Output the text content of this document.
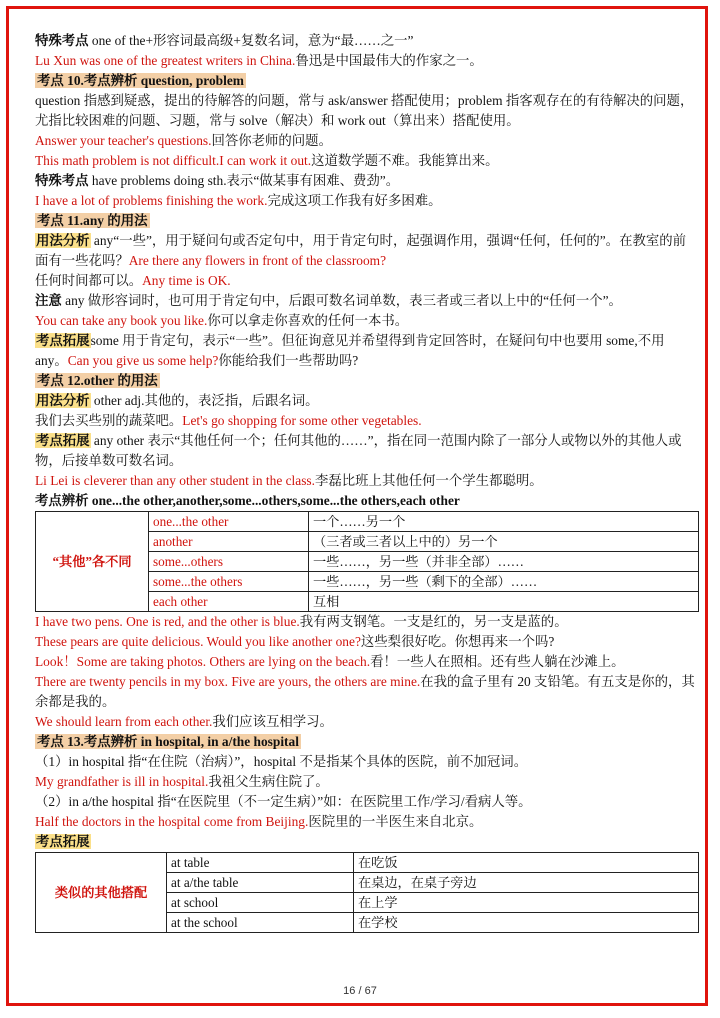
特殊考点 one of the+形容词最高级+复数名词，意为“最……之一”

Lu Xun was one of the greatest writers in China.鲁迅是中国最伟大的作家之一。

考点 10.考点辨析 question, problem

question 指感到疑惑，提出的待解答的问题，常与 ask/answer 搭配使用；problem 指客观存在的有待解决的问题，尤指比较困难的问题、习题，常与 solve（解决）和 work out（算出来）搭配使用。

Answer your teacher's questions.回答你老师的问题。

This math problem is not difficult.I can work it out.这道数学题不难。我能算出来。

特殊考点 have problems doing sth.表示“做某事有困难、费劲”。

I have a lot of problems finishing the work.完成这项工作我有好多困难。

考点 11.any 的用法

用法分析 any“一些”，用于疑问句或否定句中，用于肯定句时，起强调作用，强调“任何，任何的”。在教室的前面有一些花吗？Are there any flowers in front of the classroom?

任何时间都可以。Any time is OK.

注意 any 做形容词时，也可用于肯定句中，后跟可数名词单数，表三者或三者以上中的“任何一个”。

You can take any book you like.你可以拿走你喜欢的任何一本书。

考点拓展some 用于肯定句，表示“一些”。但征询意见并希望得到肯定回答时，在疑问句中也要用 some,不用 any。Can you give us some help?你能给我们一些帮助吗?

考点 12.other 的用法

用法分析 other adj.其他的，表泛指，后跟名词。

我们去买些别的蔬菜吧。Let's go shopping for some other vegetables.

考点拓展 any other 表示“其他任何一个；任何其他的……”，指在同一范围内除了一部分人或物以外的其他人或物，后接单数可数名词。

Li Lei is cleverer than any other student in the class.李磊比班上其他任何一个学生都聪明。

考点辨析 one...the other,another,some...others,some...the others,each other

“其他”各不同	one...the other	一个……另一个
	another	（三者或三者以上中的）另一个
	some...others	一些……，另一些（并非全部）……
	some...the others	一些……，另一些（剩下的全部）……
	each other	互相

I have two pens. One is red, and the other is blue.我有两支钢笔。一支是红的，另一支是蓝的。

These pears are quite delicious. Would you like another one?这些梨很好吃。你想再来一个吗?

Look！Some are taking photos. Others are lying on the beach.看！一些人在照相。还有些人躺在沙滩上。

There are twenty pencils in my box. Five are yours, the others are mine.在我的盒子里有 20 支铅笔。有五支是你的，其余都是我的。

We should learn from each other.我们应该互相学习。

考点 13.考点辨析 in hospital, in a/the hospital

（1）in hospital 指“在住院（治病）”，hospital 不是指某个具体的医院，前不加冠词。

My grandfather is ill in hospital.我祖父生病住院了。

（2）in a/the hospital 指“在医院里（不一定生病）”如：在医院里工作/学习/看病人等。

Half the doctors in the hospital come from Beijing.医院里的一半医生来自北京。

考点拓展

类似的其他搭配	at table	在吃饭
	at a/the table	在桌边，在桌子旁边
	at school	在上学
	at the school	在学校
16 / 67
